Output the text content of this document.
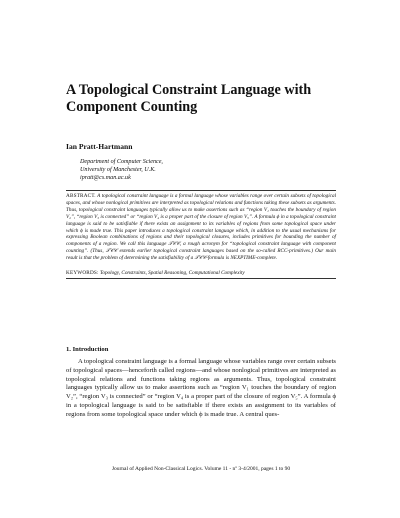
A Topological Constraint Language with Component Counting
Ian Pratt-Hartmann
Department of Computer Science,
University of Manchester, U.K.
ipratt@cs.man.ac.uk

ABSTRACT. A topological constraint language is a formal language whose variables range over certain subsets of topological spaces, and whose nonlogical primitives are interpreted as topological relations and functions taking these subsets as arguments. Thus, topological constraint languages typically allow us to make assertions such as “region V₁ touches the boundary of region V₂”, “region V₃ is connected” or “region V₄ is a proper part of the closure of region V₅”. A formula ϕ in a topological constraint language is said to be satisfiable if there exists an assignment to its variables of regions from some topological space under which ϕ is made true. This paper introduces a topological constraint language which, in addition to the usual mechanisms for expressing Boolean combinations of regions and their topological closures, includes primitives for bounding the number of components of a region. We call this language 𝒯𝒞𝒞, a rough acronym for “topological constraint language with component counting”. (Thus, 𝒯𝒞𝒞 extends earlier topological constraint languages based on the so-called RCC-primitives.) Our main result is that the problem of determining the satisfiability of a 𝒯𝒞𝒞-formula is NEXPTIME-complete.

KEYWORDS: Topology, Constraints, Spatial Reasoning, Computational Complexity
1. Introduction

A topological constraint language is a formal language whose variables range over certain subsets of topological spaces—henceforth called regions—and whose nonlogical primitives are interpreted as topological relations and functions taking regions as arguments. Thus, topological constraint languages typically allow us to make assertions such as “region V₁ touches the boundary of region V₂”, “region V₃ is connected” or “region V₄ is a proper part of the closure of region V₅”. A formula ϕ in a topological language is said to be satisfiable if there exists an assignment to its variables of regions from some topological space under which ϕ is made true. A central ques-

Journal of Applied Non-Classical Logics. Volume 11 - nº 3-4/2001, pages 1 to 90
